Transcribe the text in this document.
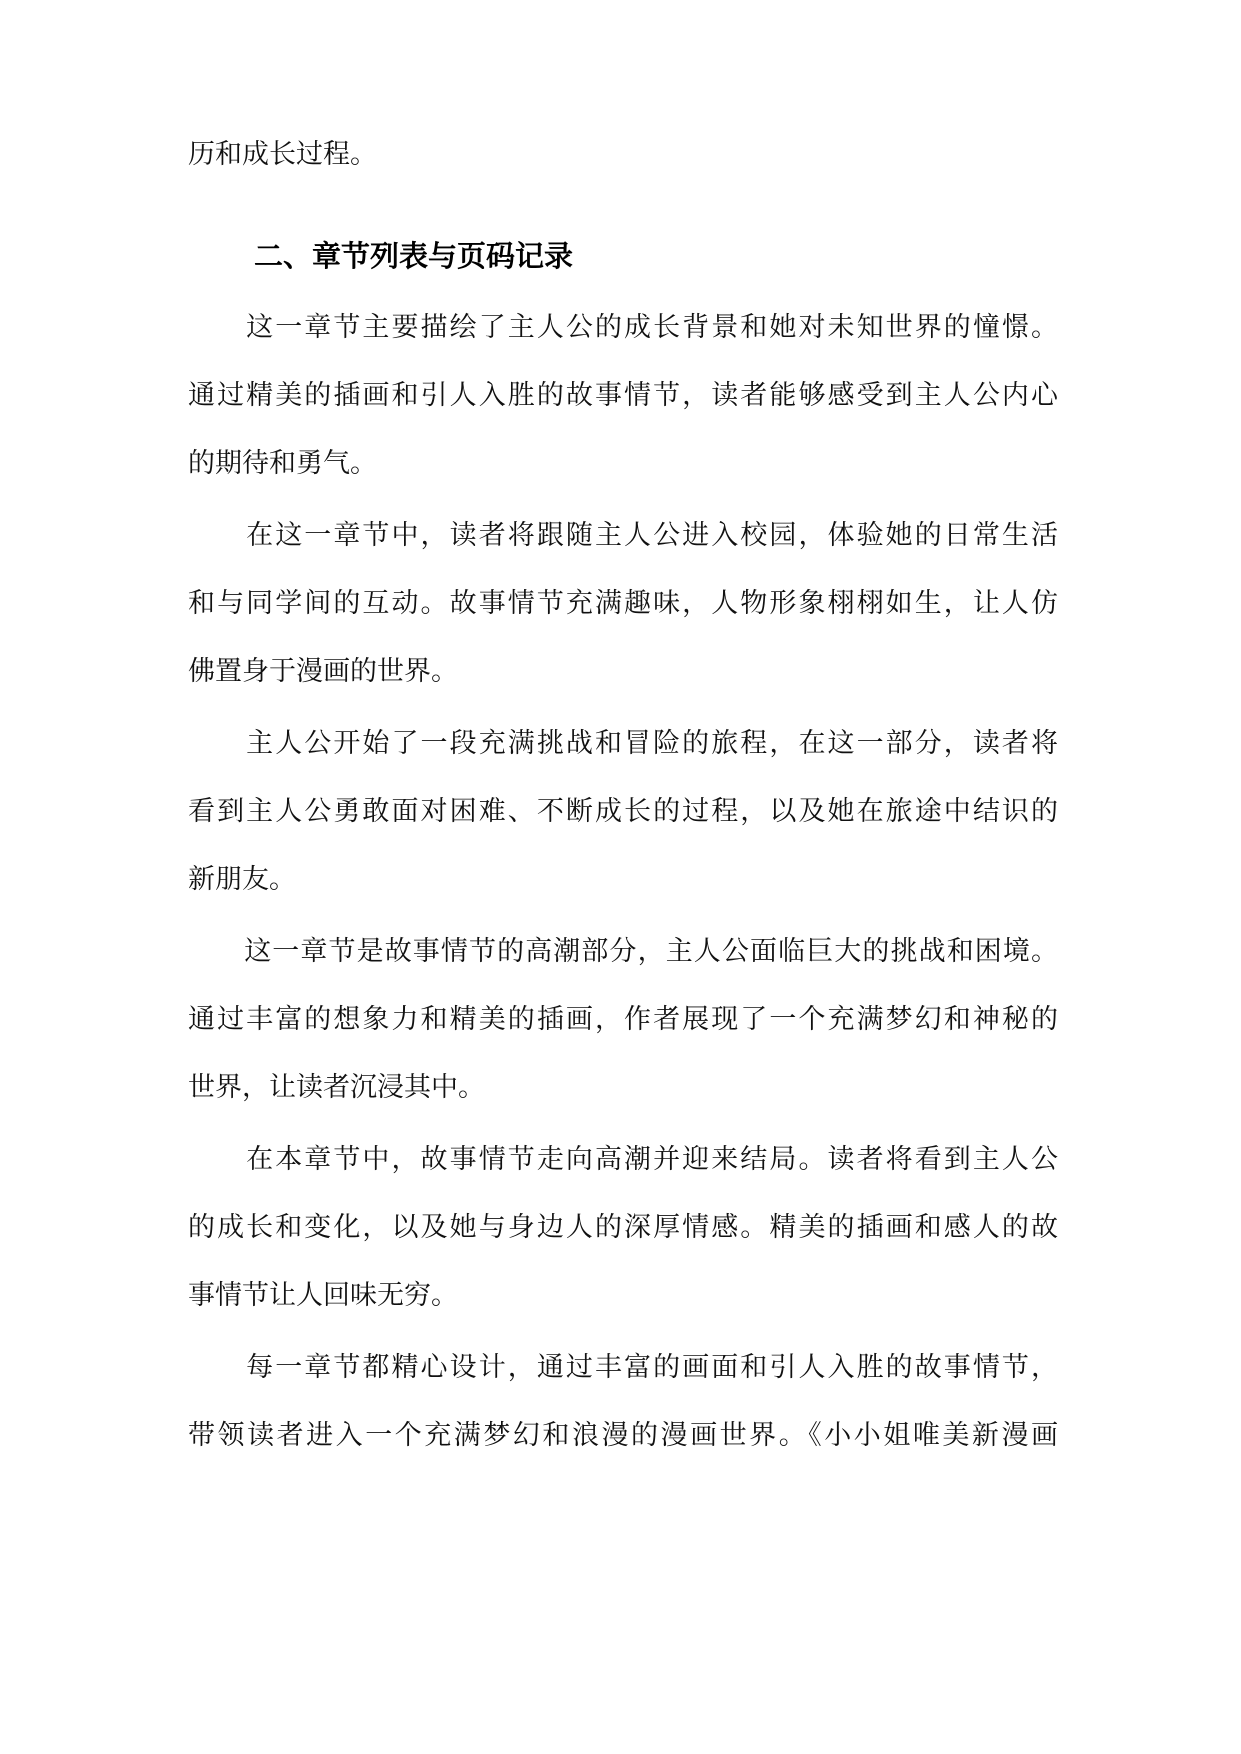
历和成长过程。
二、章节列表与页码记录
　　这一章节主要描绘了主人公的成长背景和她对未知世界的憧憬。
通过精美的插画和引人入胜的故事情节，读者能够感受到主人公内心
的期待和勇气。
　　在这一章节中，读者将跟随主人公进入校园，体验她的日常生活
和与同学间的互动。故事情节充满趣味，人物形象栩栩如生，让人仿
佛置身于漫画的世界。
　　主人公开始了一段充满挑战和冒险的旅程，在这一部分，读者将
看到主人公勇敢面对困难、不断成长的过程，以及她在旅途中结识的
新朋友。
　　这一章节是故事情节的高潮部分，主人公面临巨大的挑战和困境。
通过丰富的想象力和精美的插画，作者展现了一个充满梦幻和神秘的
世界，让读者沉浸其中。
　　在本章节中，故事情节走向高潮并迎来结局。读者将看到主人公
的成长和变化，以及她与身边人的深厚情感。精美的插画和感人的故
事情节让人回味无穷。
　　每一章节都精心设计，通过丰富的画面和引人入胜的故事情节，
带领读者进入一个充满梦幻和浪漫的漫画世界。《小小姐唯美新漫画
